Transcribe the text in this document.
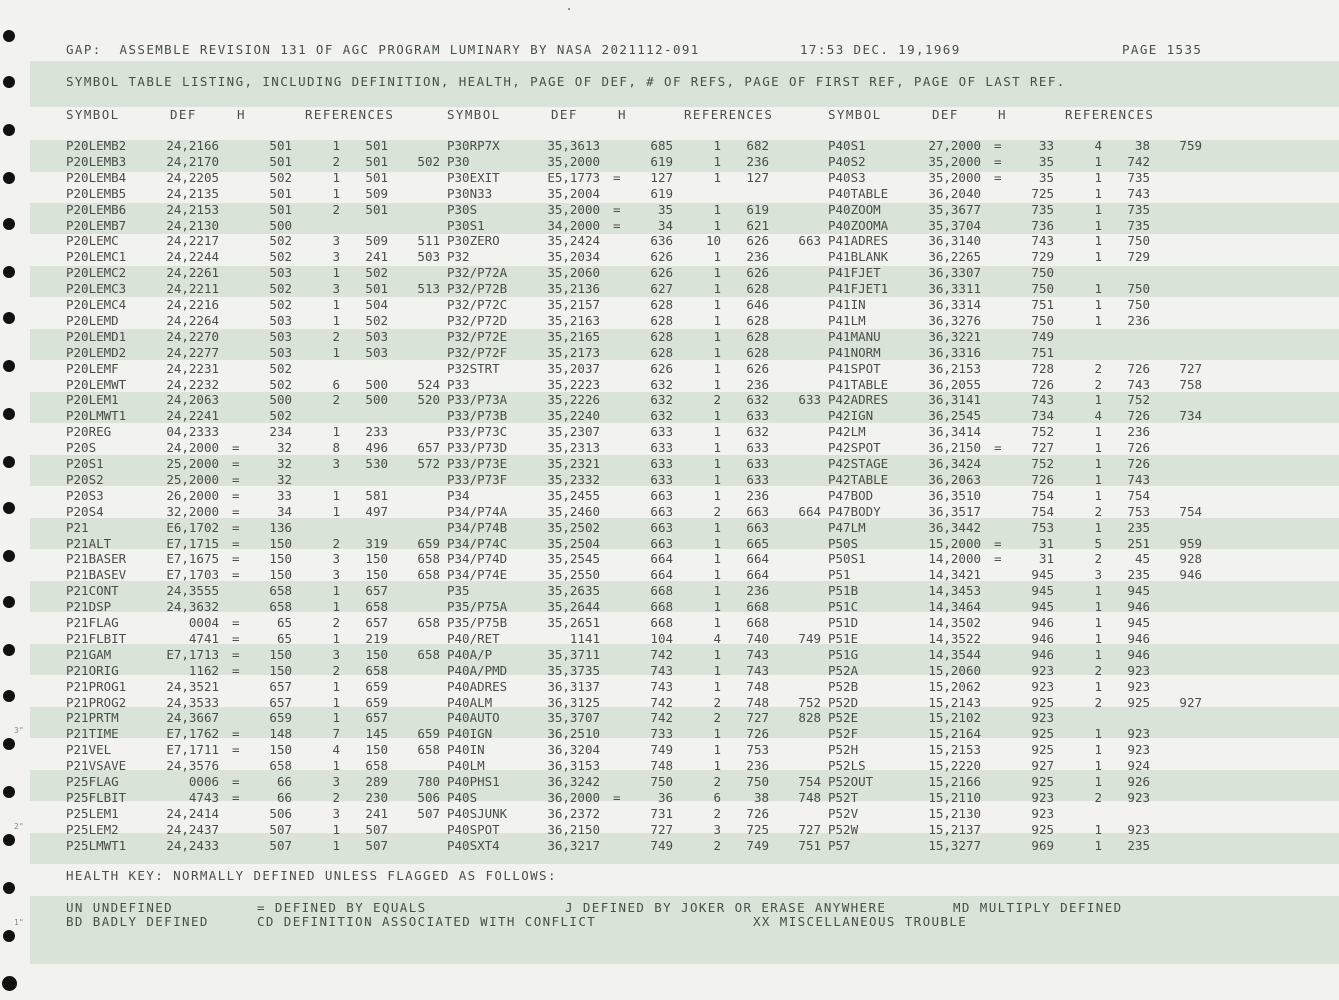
3"
2"
1"
GAP:  ASSEMBLE REVISION 131 OF AGC PROGRAM LUMINARY BY NASA 2021112-091	17:53 DEC. 19,1969	PAGE 1535
SYMBOL TABLE LISTING, INCLUDING DEFINITION, HEALTH, PAGE OF DEF, # OF REFS, PAGE OF FIRST REF, PAGE OF LAST REF.
SYMBOL	DEF	H	REFERENCES	SYMBOL	DEF	H	REFERENCES	SYMBOL	DEF	H	REFERENCES
P20LEMB2	24,2166	501	1	501
P20LEMB3	24,2170	501	2	501	502
P20LEMB4	24,2205	502	1	501
P20LEMB5	24,2135	501	1	509
P20LEMB6	24,2153	501	2	501
P20LEMB7	24,2130	500
P20LEMC	24,2217	502	3	509	511
P20LEMC1	24,2244	502	3	241	503
P20LEMC2	24,2261	503	1	502
P20LEMC3	24,2211	502	3	501	513
P20LEMC4	24,2216	502	1	504
P20LEMD	24,2264	503	1	502
P20LEMD1	24,2270	503	2	503
P20LEMD2	24,2277	503	1	503
P20LEMF	24,2231	502
P20LEMWT	24,2232	502	6	500	524
P20LEM1	24,2063	500	2	500	520
P20LMWT1	24,2241	502
P20REG	04,2333	234	1	233
P20S	24,2000 =	32	8	496	657
P20S1	25,2000 =	32	3	530	572
P20S2	25,2000 =	32
P20S3	26,2000 =	33	1	581
P20S4	32,2000 =	34	1	497
P21	E6,1702 =	136
P21ALT	E7,1715 =	150	2	319	659
P21BASER	E7,1675 =	150	3	150	658
P21BASEV	E7,1703 =	150	3	150	658
P21CONT	24,3555	658	1	657
P21DSP	24,3632	658	1	658
P21FLAG	0004 =	65	2	657	658
P21FLBIT	4741 =	65	1	219
P21GAM	E7,1713 =	150	3	150	658
P21ORIG	1162 =	150	2	658
P21PROG1	24,3521	657	1	659
P21PROG2	24,3533	657	1	659
P21PRTM	24,3667	659	1	657
P21TIME	E7,1762 =	148	7	145	659
P21VEL	E7,1711 =	150	4	150	658
P21VSAVE	24,3576	658	1	658
P25FLAG	0006 =	66	3	289	780
P25FLBIT	4743 =	66	2	230	506
P25LEM1	24,2414	506	3	241	507
P25LEM2	24,2437	507	1	507
P25LMWT1	24,2433	507	1	507
P30RP7X	35,3613	685	1	682
P30	35,2000	619	1	236
P30EXIT	E5,1773 =	127	1	127
P30N33	35,2004	619
P30S	35,2000 =	35	1	619
P30S1	34,2000 =	34	1	621
P30ZERO	35,2424	636	10	626	663
P32	35,2034	626	1	236
P32/P72A	35,2060	626	1	626
P32/P72B	35,2136	627	1	628
P32/P72C	35,2157	628	1	646
P32/P72D	35,2163	628	1	628
P32/P72E	35,2165	628	1	628
P32/P72F	35,2173	628	1	628
P32STRT	35,2037	626	1	626
P33	35,2223	632	1	236
P33/P73A	35,2226	632	2	632	633
P33/P73B	35,2240	632	1	633
P33/P73C	35,2307	633	1	632
P33/P73D	35,2313	633	1	633
P33/P73E	35,2321	633	1	633
P33/P73F	35,2332	633	1	633
P34	35,2455	663	1	236
P34/P74A	35,2460	663	2	663	664
P34/P74B	35,2502	663	1	663
P34/P74C	35,2504	663	1	665
P34/P74D	35,2545	664	1	664
P34/P74E	35,2550	664	1	664
P35	35,2635	668	1	236
P35/P75A	35,2644	668	1	668
P35/P75B	35,2651	668	1	668
P40/RET	1141	104	4	740	749
P40A/P	35,3711	742	1	743
P40A/PMD	35,3735	743	1	743
P40ADRES	36,3137	743	1	748
P40ALM	36,3125	742	2	748	752
P40AUTO	35,3707	742	2	727	828
P40IGN	36,2510	733	1	726
P40IN	36,3204	749	1	753
P40LM	36,3153	748	1	236
P40PHS1	36,3242	750	2	750	754
P40S	36,2000 =	36	6	38	748
P40SJUNK	36,2372	731	2	726
P40SPOT	36,2150	727	3	725	727
P40SXT4	36,3217	749	2	749	751
P40S1	27,2000 =	33	4	38	759
P40S2	35,2000 =	35	1	742
P40S3	35,2000 =	35	1	735
P40TABLE	36,2040	725	1	743
P40ZOOM	35,3677	735	1	735
P40ZOOMA	35,3704	736	1	735
P41ADRES	36,3140	743	1	750
P41BLANK	36,2265	729	1	729
P41FJET	36,3307	750
P41FJET1	36,3311	750	1	750
P41IN	36,3314	751	1	750
P41LM	36,3276	750	1	236
P41MANU	36,3221	749
P41NORM	36,3316	751
P41SPOT	36,2153	728	2	726	727
P41TABLE	36,2055	726	2	743	758
P42ADRES	36,3141	743	1	752
P42IGN	36,2545	734	4	726	734
P42LM	36,3414	752	1	236
P42SPOT	36,2150 =	727	1	726
P42STAGE	36,3424	752	1	726
P42TABLE	36,2063	726	1	743
P47BOD	36,3510	754	1	754
P47BODY	36,3517	754	2	753	754
P47LM	36,3442	753	1	235
P50S	15,2000 =	31	5	251	959
P50S1	14,2000 =	31	2	45	928
P51	14,3421	945	3	235	946
P51B	14,3453	945	1	945
P51C	14,3464	945	1	946
P51D	14,3502	946	1	945
P51E	14,3522	946	1	946
P51G	14,3544	946	1	946
P52A	15,2060	923	2	923
P52B	15,2062	923	1	923
P52D	15,2143	925	2	925	927
P52E	15,2102	923
P52F	15,2164	925	1	923
P52H	15,2153	925	1	923
P52LS	15,2220	927	1	924
P52OUT	15,2166	925	1	926
P52T	15,2110	923	2	923
P52V	15,2130	923
P52W	15,2137	925	1	923
P57	15,3277	969	1	235
HEALTH KEY: NORMALLY DEFINED UNLESS FLAGGED AS FOLLOWS:
UN UNDEFINED	= DEFINED BY EQUALS	J DEFINED BY JOKER OR ERASE ANYWHERE	MD MULTIPLY DEFINED
BD BADLY DEFINED	CD DEFINITION ASSOCIATED WITH CONFLICT	XX MISCELLANEOUS TROUBLE
